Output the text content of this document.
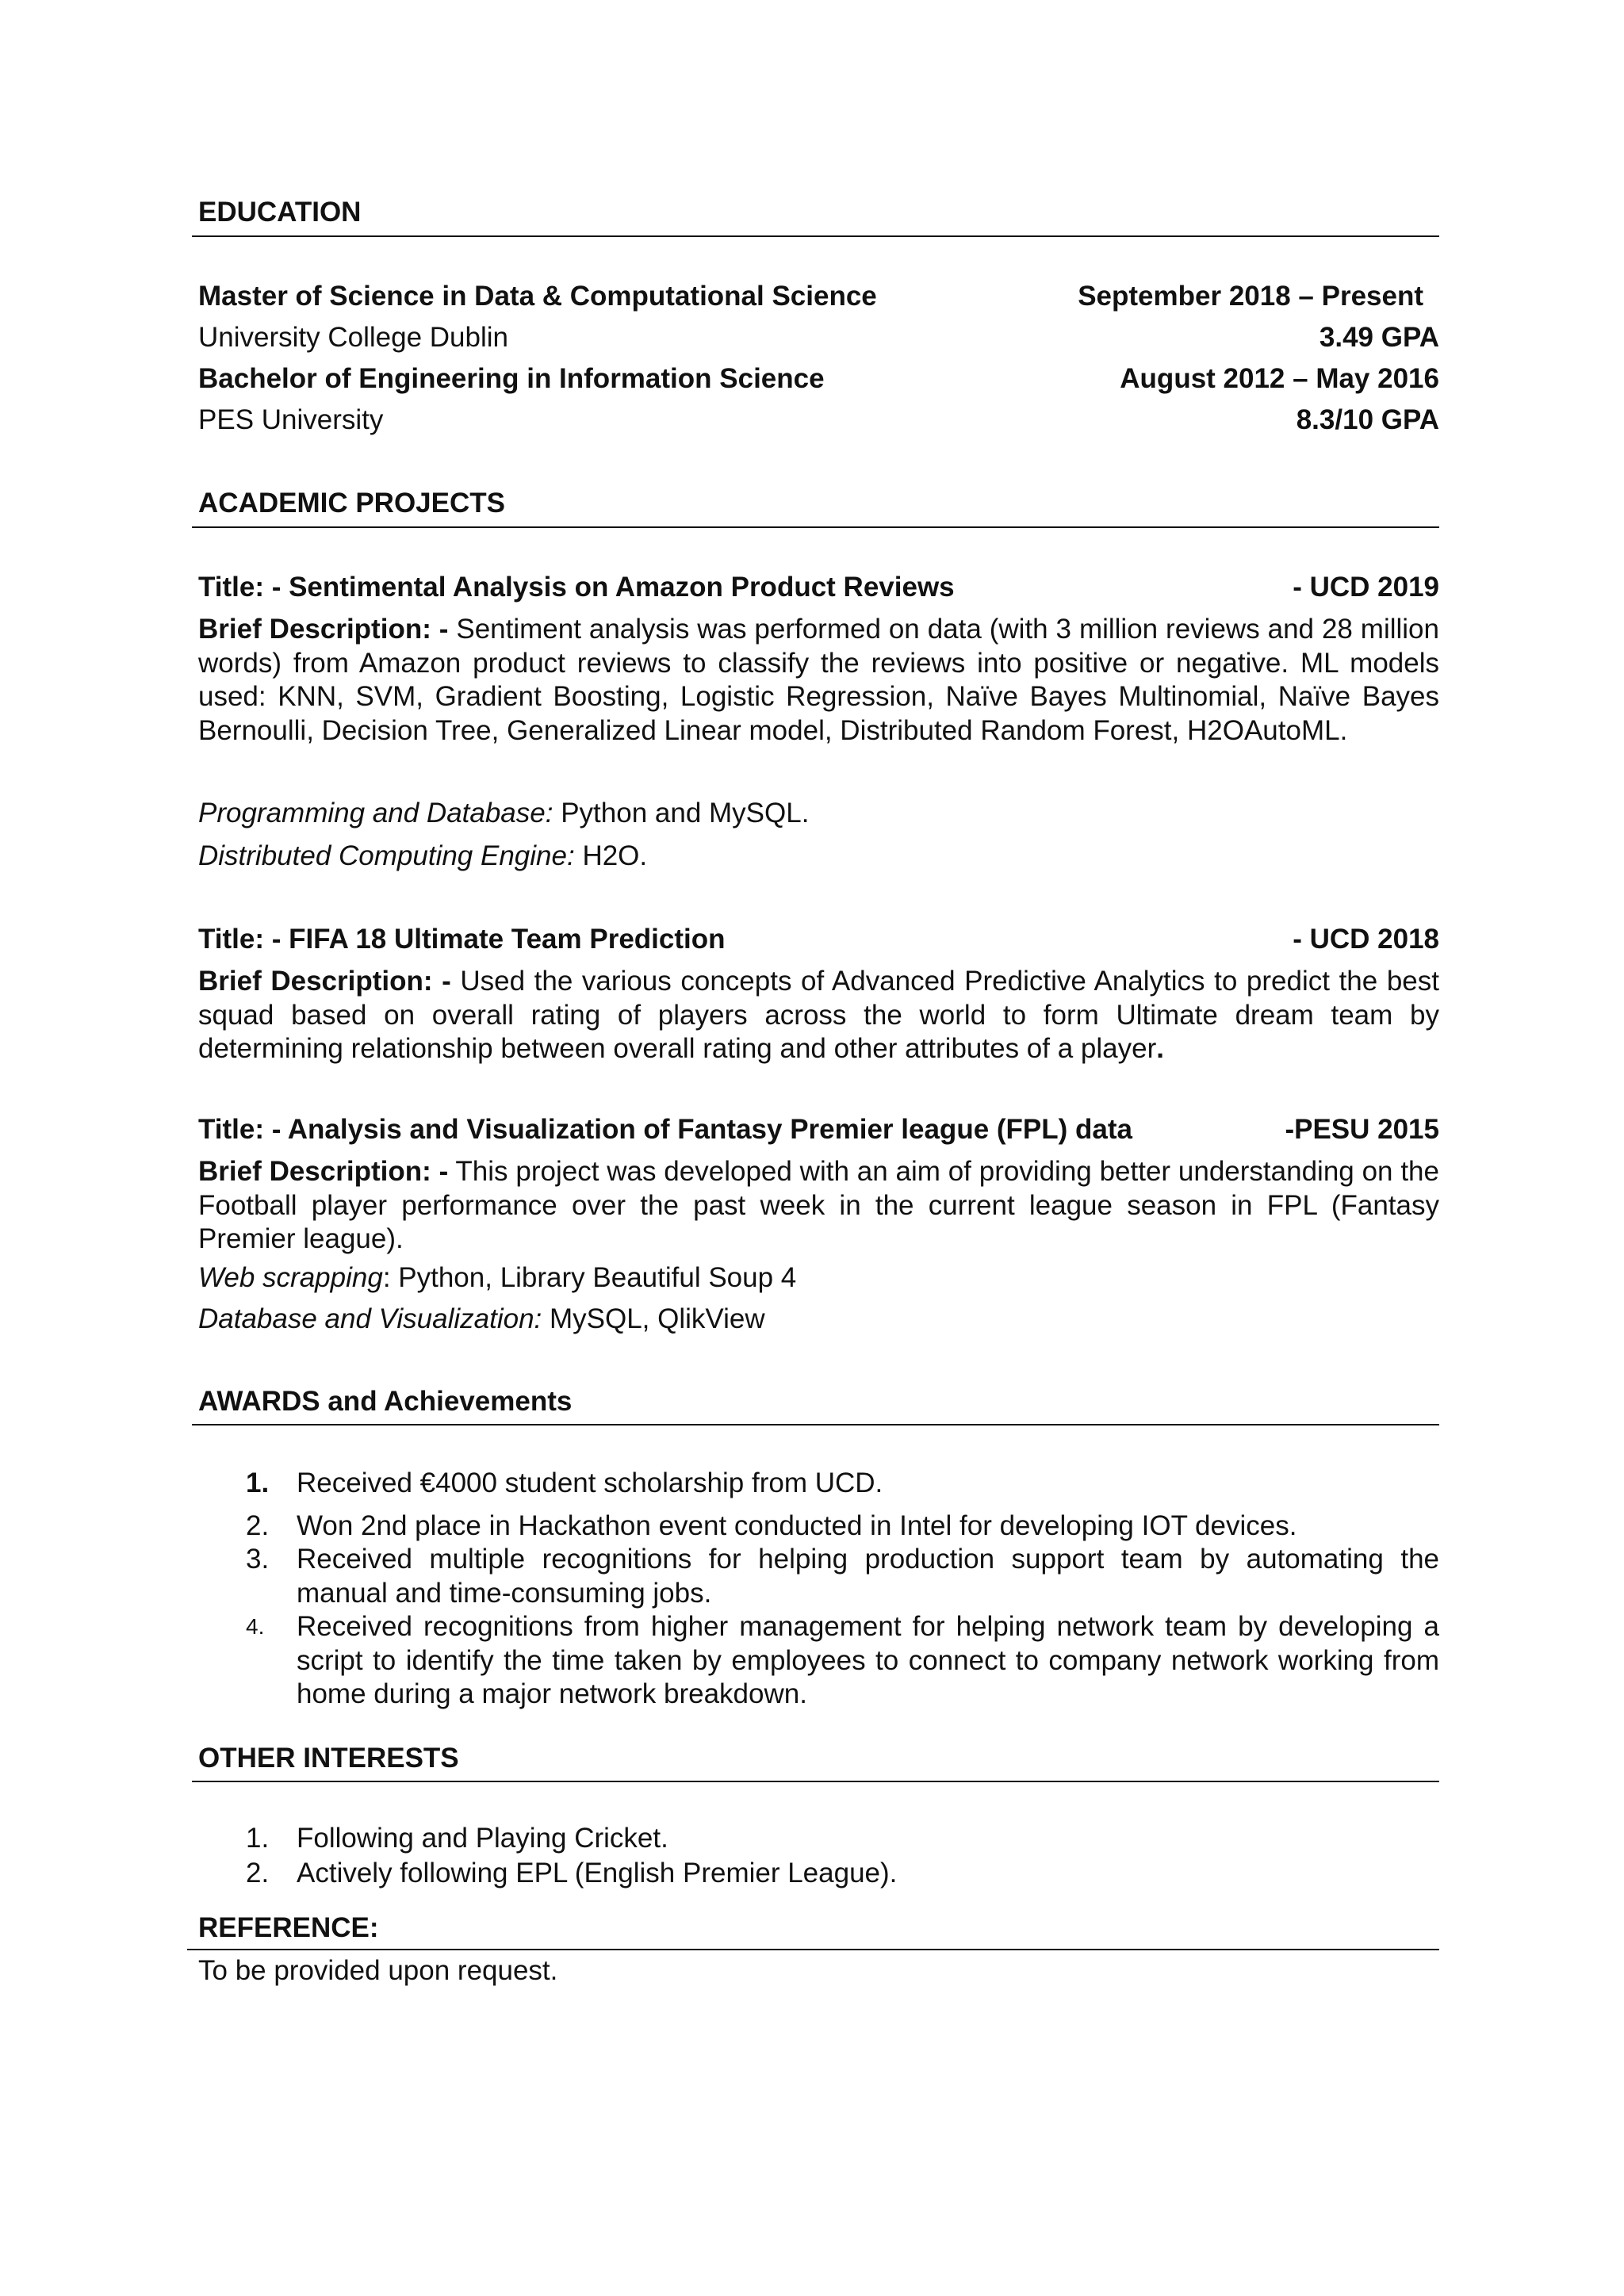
EDUCATION
Master of Science in Data & Computational Science	September 2018 – Present
University College Dublin	3.49 GPA
Bachelor of Engineering in Information Science	August 2012 – May 2016
PES University	8.3/10 GPA
ACADEMIC PROJECTS
Title: - Sentimental Analysis on Amazon Product Reviews	- UCD 2019
Brief Description: - Sentiment analysis was performed on data (with 3 million reviews and 28 million words) from Amazon product reviews to classify the reviews into positive or negative. ML models used: KNN, SVM, Gradient Boosting, Logistic Regression, Naïve Bayes Multinomial, Naïve Bayes Bernoulli, Decision Tree, Generalized Linear model, Distributed Random Forest, H2OAutoML.
Programming and Database: Python and MySQL.
Distributed Computing Engine: H2O.
Title: - FIFA 18 Ultimate Team Prediction	- UCD 2018
Brief Description: - Used the various concepts of Advanced Predictive Analytics to predict the best squad based on overall rating of players across the world to form Ultimate dream team by determining relationship between overall rating and other attributes of a player.
Title: - Analysis and Visualization of Fantasy Premier league (FPL) data	-PESU 2015
Brief Description: - This project was developed with an aim of providing better understanding on the Football player performance over the past week in the current league season in FPL (Fantasy Premier league).
Web scrapping: Python, Library Beautiful Soup 4
Database and Visualization: MySQL, QlikView
AWARDS and Achievements
1. Received €4000 student scholarship from UCD.
2. Won 2nd place in Hackathon event conducted in Intel for developing IOT devices.
3. Received multiple recognitions for helping production support team by automating the manual and time-consuming jobs.
4.	Received recognitions from higher management for helping network team by developing a script to identify the time taken by employees to connect to company network working from home during a major network breakdown.
OTHER INTERESTS
1. Following and Playing Cricket.
2. Actively following EPL (English Premier League).
REFERENCE:
To be provided upon request.
